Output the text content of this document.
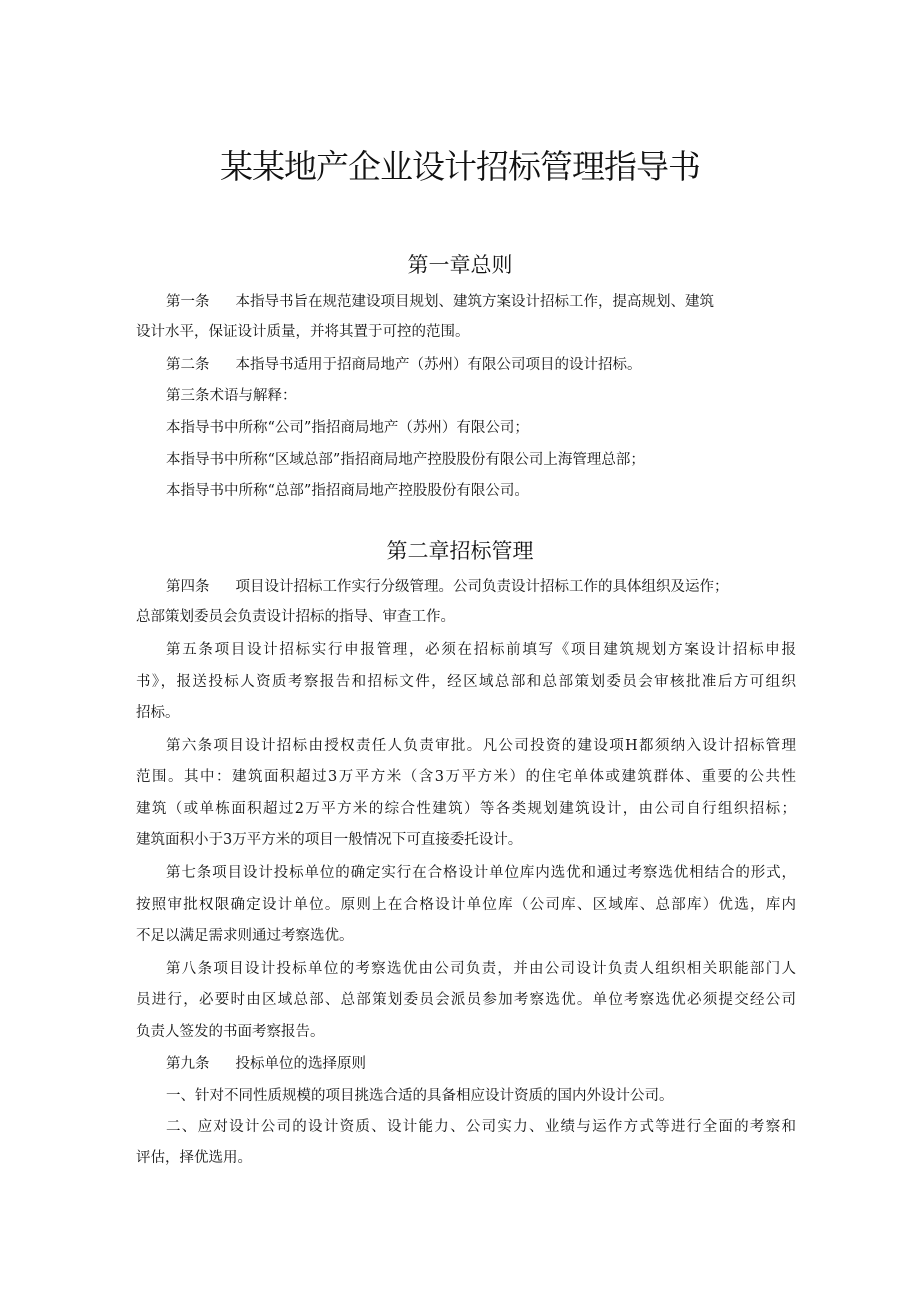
某某地产企业设计招标管理指导书
第一章总则
第一条 本指导书旨在规范建设项目规划、建筑方案设计招标工作，提高规划、建筑
设计水平，保证设计质量，并将其置于可控的范围。
第二条 本指导书适用于招商局地产（苏州）有限公司项目的设计招标。
第三条术语与解释：
本指导书中所称“公司”指招商局地产（苏州）有限公司；
本指导书中所称“区域总部”指招商局地产控股股份有限公司上海管理总部；
本指导书中所称“总部”指招商局地产控股股份有限公司。
第二章招标管理
第四条 项目设计招标工作实行分级管理。公司负责设计招标工作的具体组织及运作；
总部策划委员会负责设计招标的指导、审查工作。
第五条项目设计招标实行申报管理，必须在招标前填写《项目建筑规划方案设计招标申报
书》，报送投标人资质考察报告和招标文件，经区域总部和总部策划委员会审核批准后方可组织
招标。
第六条项目设计招标由授权责任人负责审批。凡公司投资的建设项H都须纳入设计招标管理
范围。其中：建筑面积超过3万平方米（含3万平方米）的住宅单体或建筑群体、重要的公共性
建筑（或单栋面积超过2万平方米的综合性建筑）等各类规划建筑设计，由公司自行组织招标；
建筑面积小于3万平方米的项目一般情况下可直接委托设计。
第七条项目设计投标单位的确定实行在合格设计单位库内选优和通过考察选优相结合的形式，
按照审批权限确定设计单位。原则上在合格设计单位库（公司库、区域库、总部库）优选，库内
不足以满足需求则通过考察选优。
第八条项目设计投标单位的考察选优由公司负责，并由公司设计负责人组织相关职能部门人
员进行，必要时由区域总部、总部策划委员会派员参加考察选优。单位考察选优必须提交经公司
负责人签发的书面考察报告。
第九条 投标单位的选择原则
一、针对不同性质规模的项目挑选合适的具备相应设计资质的国内外设计公司。
二、应对设计公司的设计资质、设计能力、公司实力、业绩与运作方式等进行全面的考察和
评估，择优选用。
